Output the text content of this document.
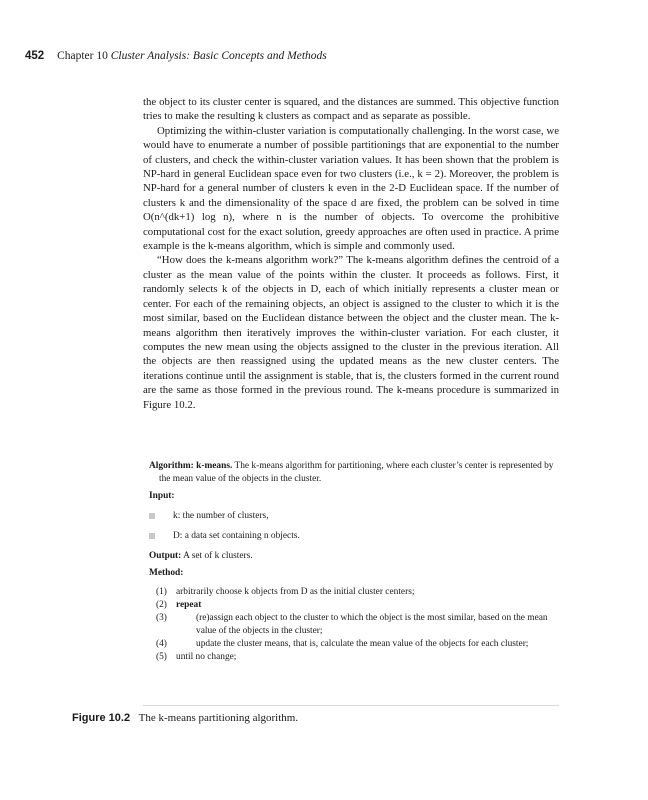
452 Chapter 10 Cluster Analysis: Basic Concepts and Methods

the object to its cluster center is squared, and the distances are summed. This objective function tries to make the resulting k clusters as compact and as separate as possible.

Optimizing the within-cluster variation is computationally challenging. In the worst case, we would have to enumerate a number of possible partitionings that are exponential to the number of clusters, and check the within-cluster variation values. It has been shown that the problem is NP-hard in general Euclidean space even for two clusters (i.e., k = 2). Moreover, the problem is NP-hard for a general number of clusters k even in the 2-D Euclidean space. If the number of clusters k and the dimensionality of the space d are fixed, the problem can be solved in time O(n^(dk+1) log n), where n is the number of objects. To overcome the prohibitive computational cost for the exact solution, greedy approaches are often used in practice. A prime example is the k-means algorithm, which is simple and commonly used.

“How does the k-means algorithm work?” The k-means algorithm defines the centroid of a cluster as the mean value of the points within the cluster. It proceeds as follows. First, it randomly selects k of the objects in D, each of which initially represents a cluster mean or center. For each of the remaining objects, an object is assigned to the cluster to which it is the most similar, based on the Euclidean distance between the object and the cluster mean. The k-means algorithm then iteratively improves the within-cluster variation. For each cluster, it computes the new mean using the objects assigned to the cluster in the previous iteration. All the objects are then reassigned using the updated means as the new cluster centers. The iterations continue until the assignment is stable, that is, the clusters formed in the current round are the same as those formed in the previous round. The k-means procedure is summarized in Figure 10.2.

Algorithm: k-means. The k-means algorithm for partitioning, where each cluster’s center is represented by the mean value of the objects in the cluster.

Input:
k: the number of clusters,
D: a data set containing n objects.
Output: A set of k clusters.
Method:
(1) arbitrarily choose k objects from D as the initial cluster centers;
(2) repeat
(3)	(re)assign each object to the cluster to which the object is the most similar, based on the mean value of the objects in the cluster;
(4)	update the cluster means, that is, calculate the mean value of the objects for each cluster;
(5) until no change;
Figure 10.2 The k-means partitioning algorithm.
